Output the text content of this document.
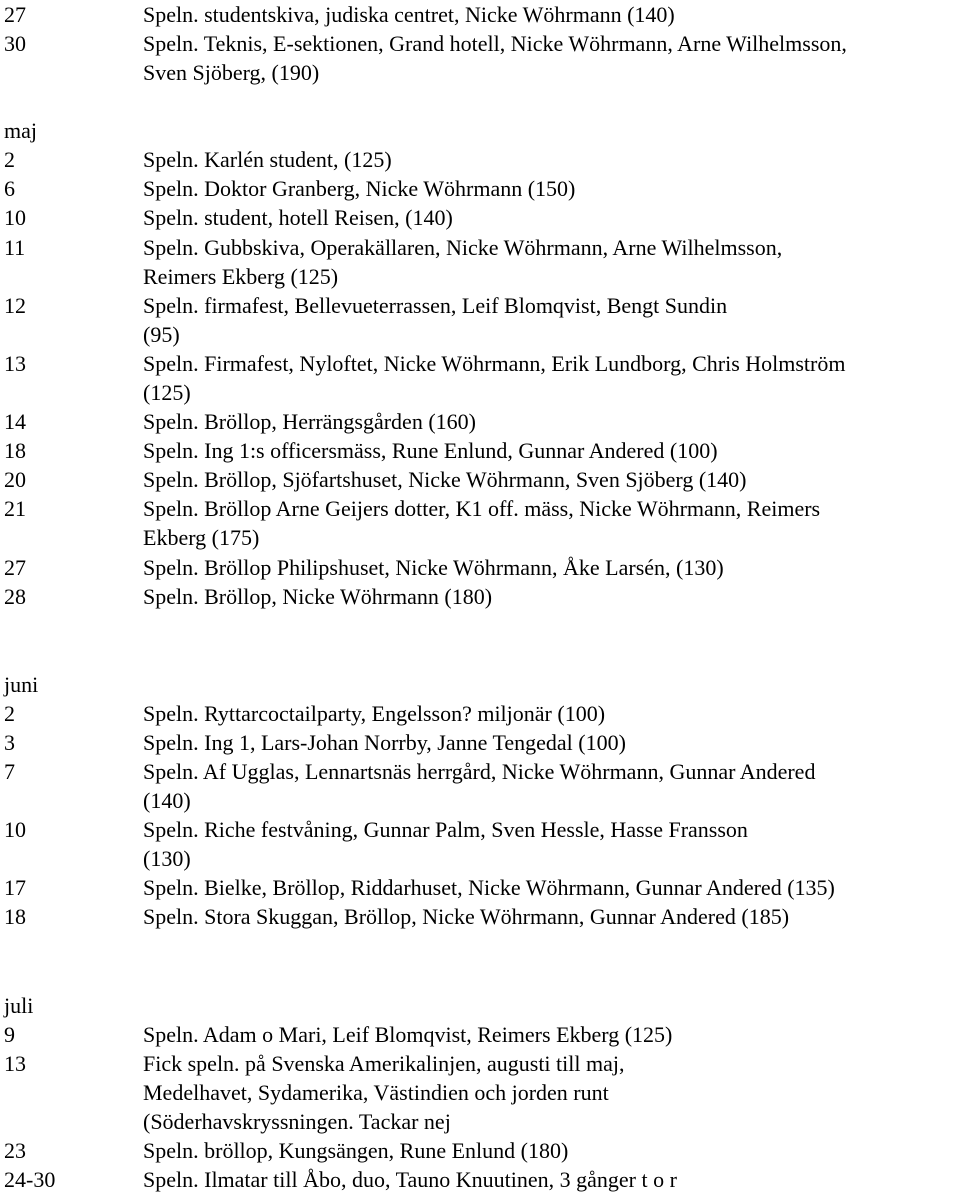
27	Speln. studentskiva, judiska centret, Nicke Wöhrmann (140)
30	Speln. Teknis, E-sektionen, Grand hotell, Nicke Wöhrmann, Arne Wilhelmsson,
Sven Sjöberg, (190)
maj
2	Speln. Karlén student, (125)
6	Speln. Doktor Granberg, Nicke Wöhrmann (150)
10	Speln. student, hotell Reisen, (140)
11	Speln. Gubbskiva, Operakällaren, Nicke Wöhrmann, Arne Wilhelmsson,
Reimers Ekberg (125)
12	Speln. firmafest, Bellevueterrassen, Leif Blomqvist, Bengt Sundin
(95)
13	Speln. Firmafest, Nyloftet, Nicke Wöhrmann, Erik Lundborg, Chris Holmström
(125)
14	Speln. Bröllop, Herrängsgården (160)
18	Speln. Ing 1:s officersmäss, Rune Enlund, Gunnar Andered (100)
20	Speln. Bröllop, Sjöfartshuset, Nicke Wöhrmann, Sven Sjöberg (140)
21	Speln. Bröllop Arne Geijers dotter, K1 off. mäss, Nicke Wöhrmann, Reimers
Ekberg (175)
27	Speln. Bröllop Philipshuset, Nicke Wöhrmann, Åke Larsén, (130)
28	Speln. Bröllop, Nicke Wöhrmann (180)
juni
2	Speln. Ryttarcoctailparty, Engelsson? miljonär (100)
3	Speln. Ing 1, Lars-Johan Norrby, Janne Tengedal (100)
7	Speln. Af Ugglas, Lennartsnäs herrgård, Nicke Wöhrmann, Gunnar Andered
(140)
10	Speln. Riche festvåning, Gunnar Palm, Sven Hessle, Hasse Fransson
(130)
17	Speln. Bielke, Bröllop, Riddarhuset, Nicke Wöhrmann, Gunnar Andered (135)
18	Speln. Stora Skuggan, Bröllop, Nicke Wöhrmann, Gunnar Andered (185)
juli
9	Speln. Adam o Mari, Leif Blomqvist, Reimers Ekberg (125)
13	Fick speln. på Svenska Amerikalinjen, augusti till maj,
Medelhavet, Sydamerika, Västindien och jorden runt
(Söderhavskryssningen. Tackar nej
23	Speln. bröllop, Kungsängen, Rune Enlund (180)
24-30	Speln. Ilmatar till Åbo, duo, Tauno Knuutinen, 3 gånger t o r
